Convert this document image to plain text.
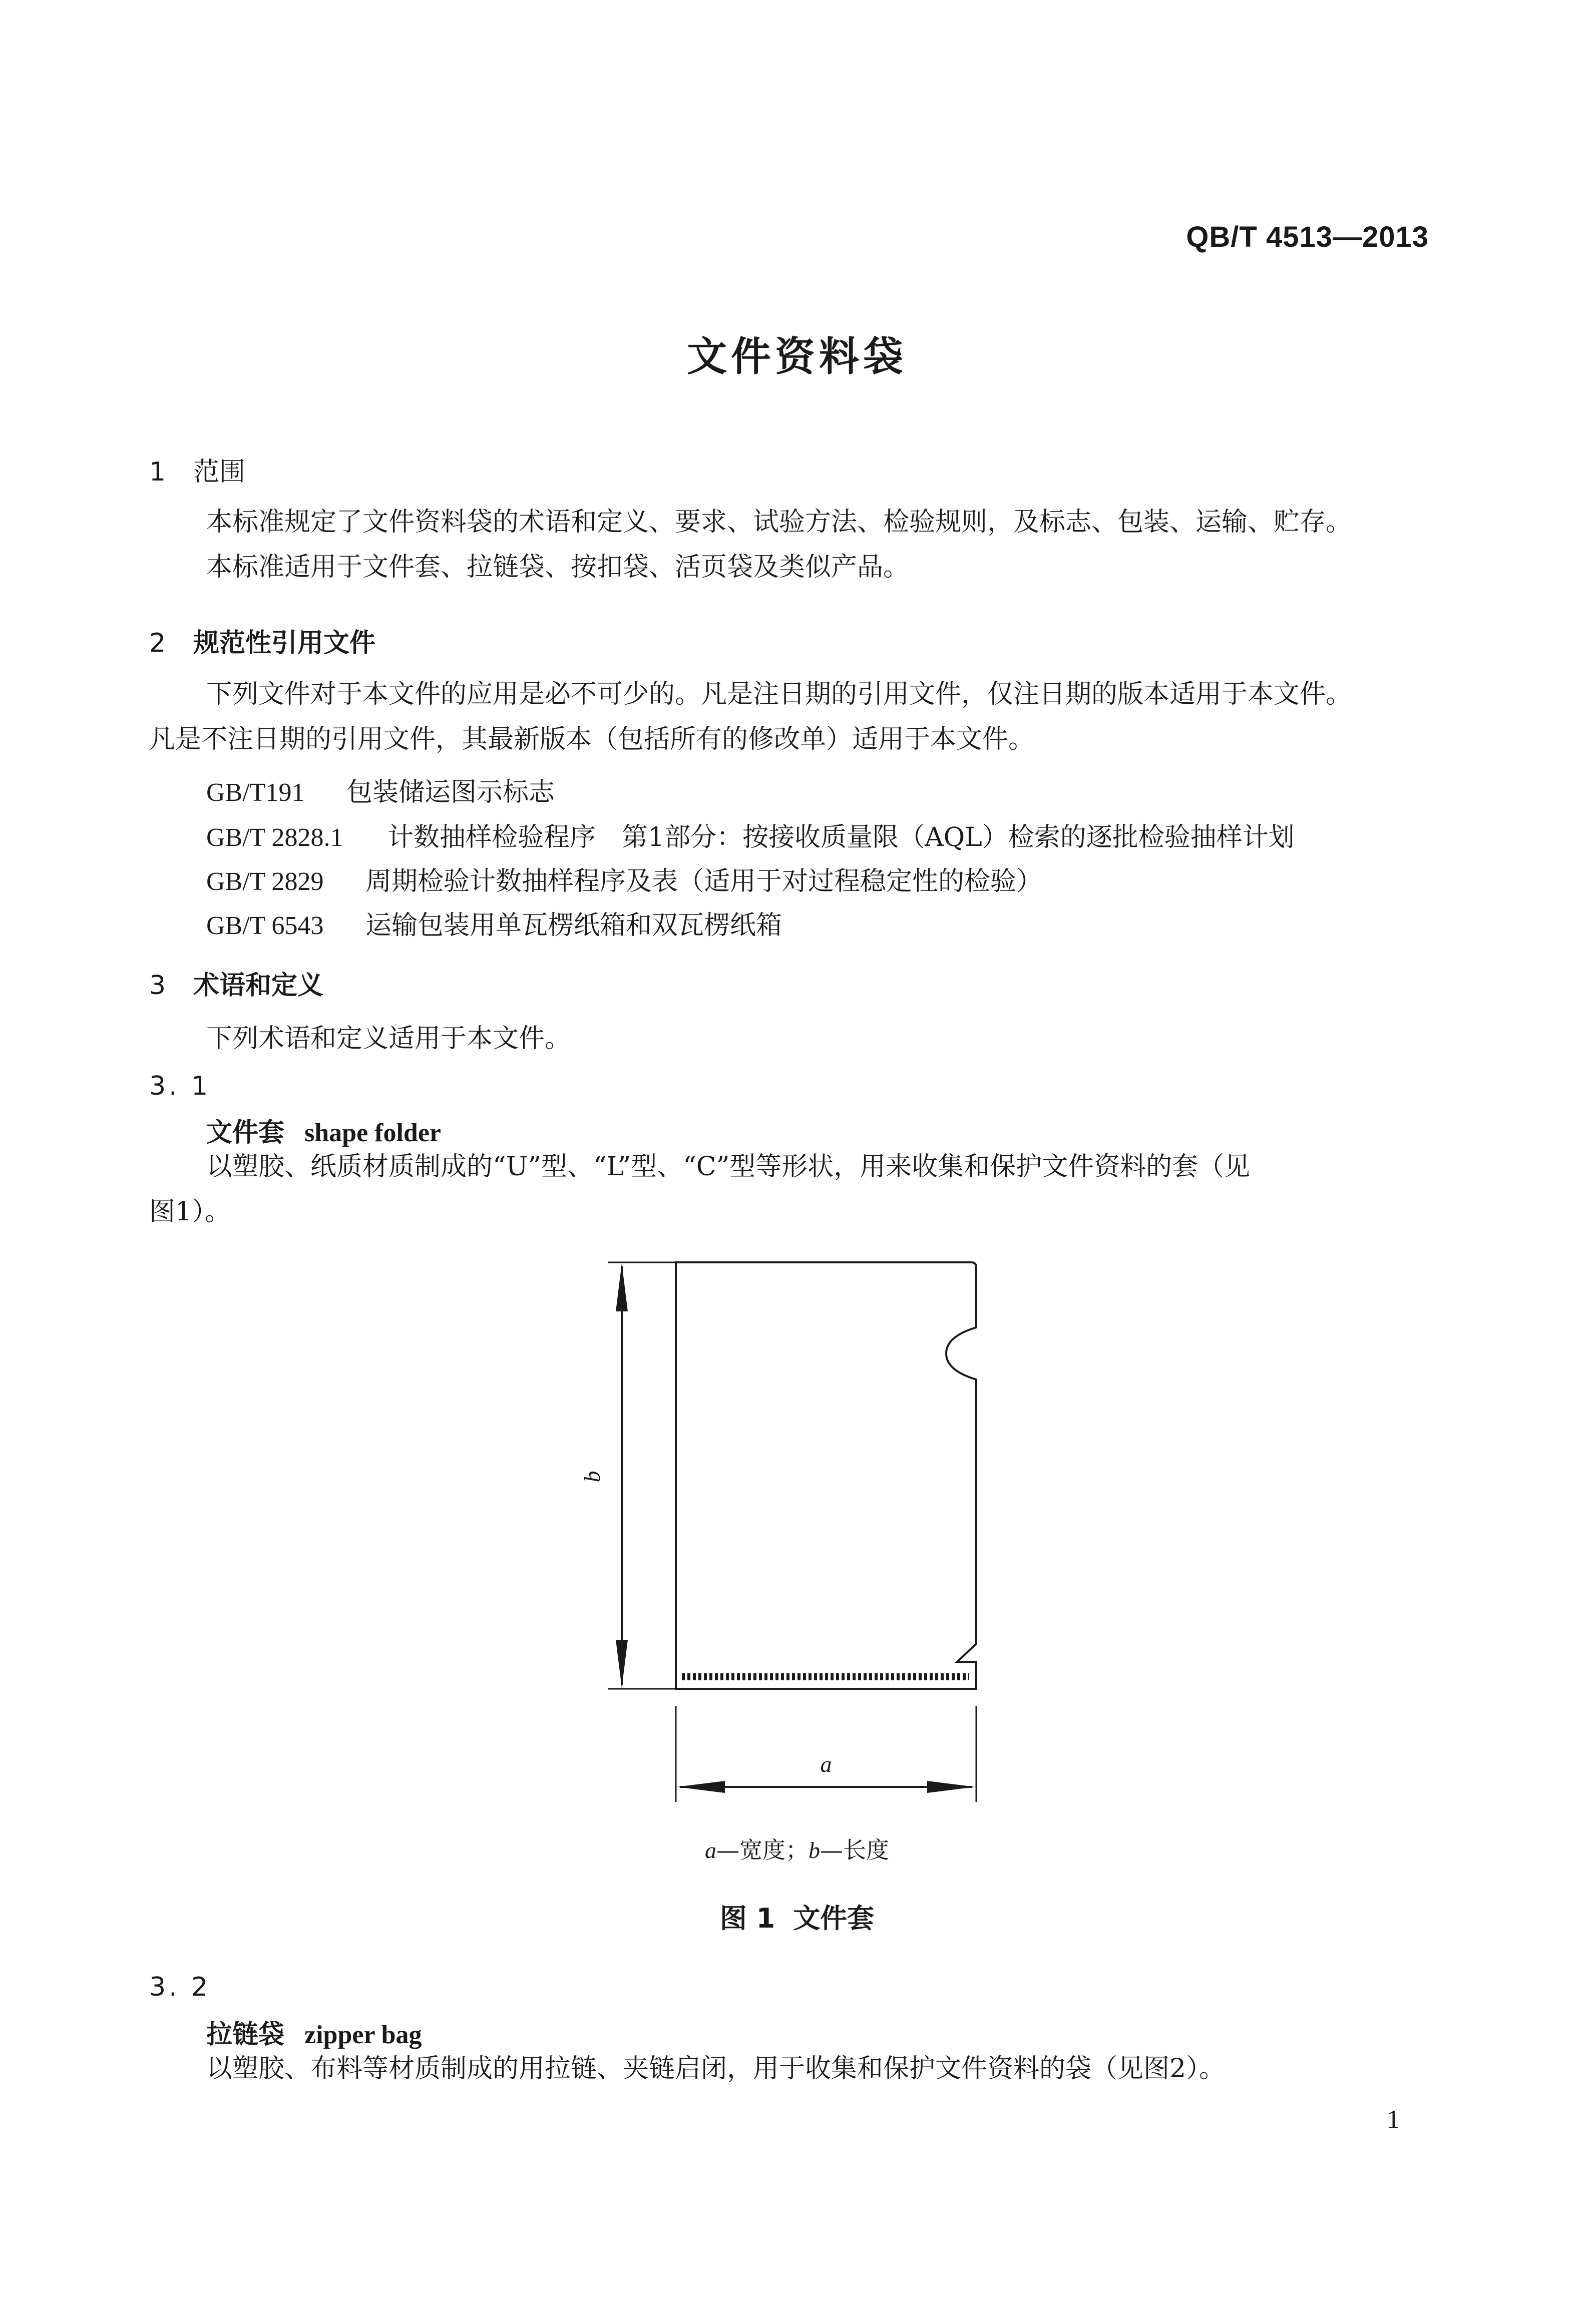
QB/T 4513—2013
文件资料袋
1 范围
本标准规定了文件资料袋的术语和定义、要求、试验方法、检验规则，及标志、包装、运输、贮存。
本标准适用于文件套、拉链袋、按扣袋、活页袋及类似产品。
2 规范性引用文件
下列文件对于本文件的应用是必不可少的。凡是注日期的引用文件，仅注日期的版本适用于本文件。
凡是不注日期的引用文件，其最新版本（包括所有的修改单）适用于本文件。
GB/T191 包装储运图示标志
GB/T 2828.1 计数抽样检验程序　第1部分：按接收质量限（AQL）检索的逐批检验抽样计划
GB/T 2829 周期检验计数抽样程序及表（适用于对过程稳定性的检验）
GB/T 6543 运输包装用单瓦楞纸箱和双瓦楞纸箱
3 术语和定义
下列术语和定义适用于本文件。
3. 1
文件套 shape folder
以塑胶、纸质材质制成的“U”型、“L”型、“C”型等形状，用来收集和保护文件资料的套（见
图1）。
b
a
a—宽度；b—长度
图 1 文件套
3. 2
拉链袋 zipper bag
以塑胶、布料等材质制成的用拉链、夹链启闭，用于收集和保护文件资料的袋（见图2）。
1
